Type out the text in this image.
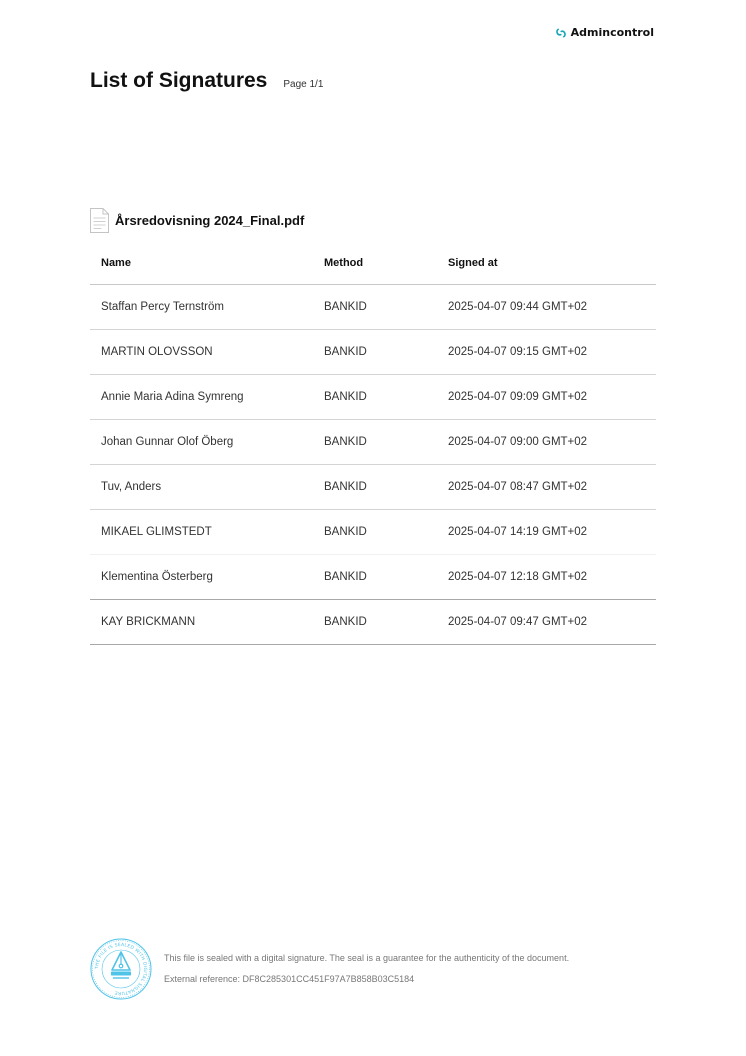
Admincontrol
List of Signatures Page 1/1
Årsredovisning 2024_Final.pdf
Name	Method	Signed at
Staffan Percy Ternström	BANKID	2025-04-07 09:44 GMT+02
MARTIN OLOVSSON	BANKID	2025-04-07 09:15 GMT+02
Annie Maria Adina Symreng	BANKID	2025-04-07 09:09 GMT+02
Johan Gunnar Olof Öberg	BANKID	2025-04-07 09:00 GMT+02
Tuv, Anders	BANKID	2025-04-07 08:47 GMT+02
MIKAEL GLIMSTEDT	BANKID	2025-04-07 14:19 GMT+02
Klementina Österberg	BANKID	2025-04-07 12:18 GMT+02
KAY BRICKMANN	BANKID	2025-04-07 09:47 GMT+02
THE FILE IS SEALED WITH DIGITAL SIGNATURE
This file is sealed with a digital signature. The seal is a guarantee for the authenticity of the document.
External reference: DF8C285301CC451F97A7B858B03C5184
